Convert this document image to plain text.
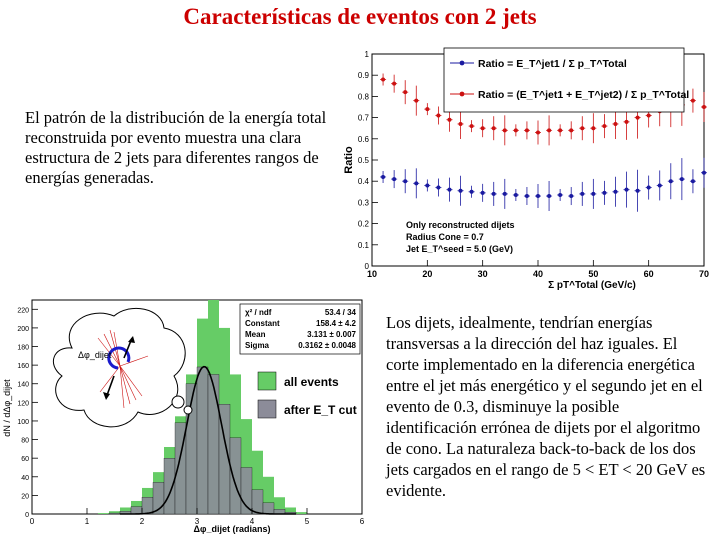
Características de eventos con 2 jets
El patrón de la distribución de la energía total reconstruida por evento muestra una clara estructura de 2 jets para diferentes rangos de energías generadas.
0
0.1
0.2
0.3
0.4
0.5
0.6
0.7
0.8
0.9
1
10	20	30	40	50	60	70
Ratio
Σ pT^Total (GeV/c)
Ratio = E_T^jet1 / Σ p_T^Total
Ratio = (E_T^jet1 + E_T^jet2) / Σ p_T^Total
Only reconstructed dijets
Radius Cone = 0.7
Jet E_T^seed = 5.0 (GeV)
0
20
40
60
80
100
120
140
160
180
200
220
0	1	2	3	4	5	6
dN / dΔφ_dijet
Δφ_dijet (radians)
χ² / ndf	53.4 / 34
Constant	158.4 ± 4.2
Mean	3.131 ± 0.007
Sigma	0.3162 ± 0.0048
all events
after E_T cut
Δφ_dijet
Los dijets, idealmente, tendrían energías transversas a la dirección del haz iguales. El corte implementado en la diferencia energética entre el jet más energético y el segundo jet en el evento de 0.3, disminuye la posible identificación errónea de dijets por el algoritmo de cono. La naturaleza back-to-back de los dos jets cargados en el rango de 5 < ET < 20 GeV es evidente.
